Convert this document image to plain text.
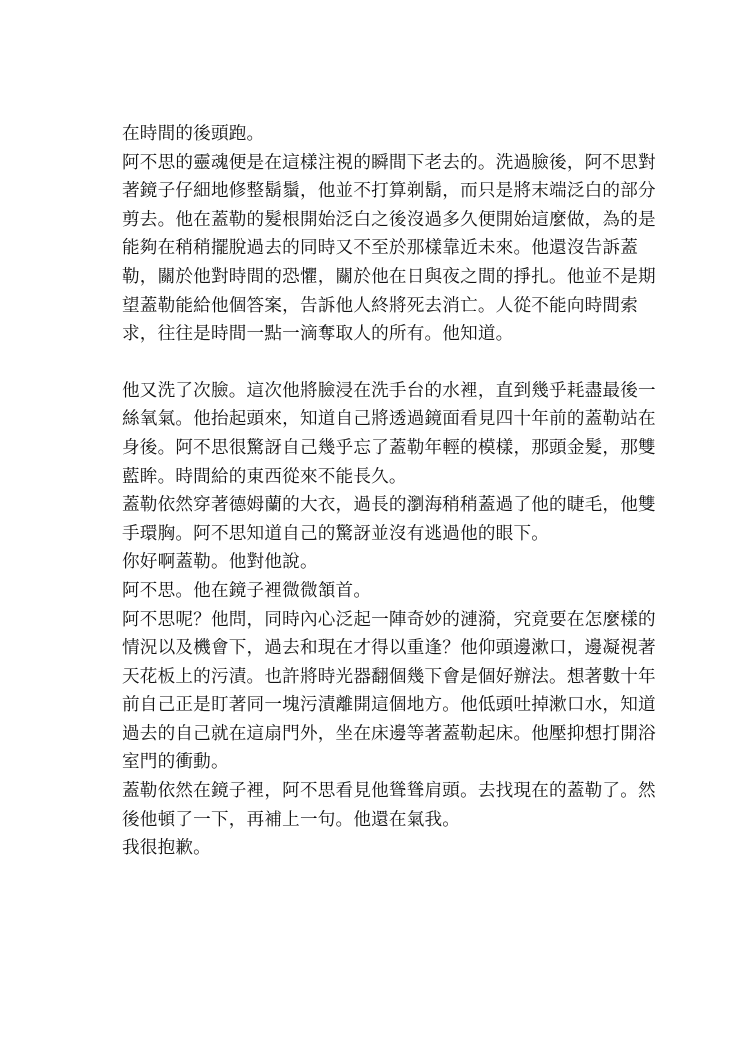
在時間的後頭跑。

阿不思的靈魂便是在這樣注視的瞬間下老去的。洗過臉後，阿不思對
著鏡子仔細地修整鬍鬚，他並不打算剃鬍，而只是將末端泛白的部分
剪去。他在蓋勒的髮根開始泛白之後沒過多久便開始這麼做，為的是
能夠在稍稍擺脫過去的同時又不至於那樣靠近未來。他還沒告訴蓋
勒，關於他對時間的恐懼，關於他在日與夜之間的掙扎。他並不是期
望蓋勒能給他個答案，告訴他人終將死去消亡。人從不能向時間索
求，往往是時間一點一滴奪取人的所有。他知道。

他又洗了次臉。這次他將臉浸在洗手台的水裡，直到幾乎耗盡最後一
絲氧氣。他抬起頭來，知道自己將透過鏡面看見四十年前的蓋勒站在
身後。阿不思很驚訝自己幾乎忘了蓋勒年輕的模樣，那頭金髮，那雙
藍眸。時間給的東西從來不能長久。

蓋勒依然穿著德姆蘭的大衣，過長的瀏海稍稍蓋過了他的睫毛，他雙
手環胸。阿不思知道自己的驚訝並沒有逃過他的眼下。

你好啊蓋勒。他對他說。

阿不思。他在鏡子裡微微頷首。

阿不思呢？他問，同時內心泛起一陣奇妙的漣漪，究竟要在怎麼樣的
情況以及機會下，過去和現在才得以重逢？他仰頭邊漱口，邊凝視著
天花板上的污漬。也許將時光器翻個幾下會是個好辦法。想著數十年
前自己正是盯著同一塊污漬離開這個地方。他低頭吐掉漱口水，知道
過去的自己就在這扇門外，坐在床邊等著蓋勒起床。他壓抑想打開浴
室門的衝動。

蓋勒依然在鏡子裡，阿不思看見他聳聳肩頭。去找現在的蓋勒了。然
後他頓了一下，再補上一句。他還在氣我。

我很抱歉。
